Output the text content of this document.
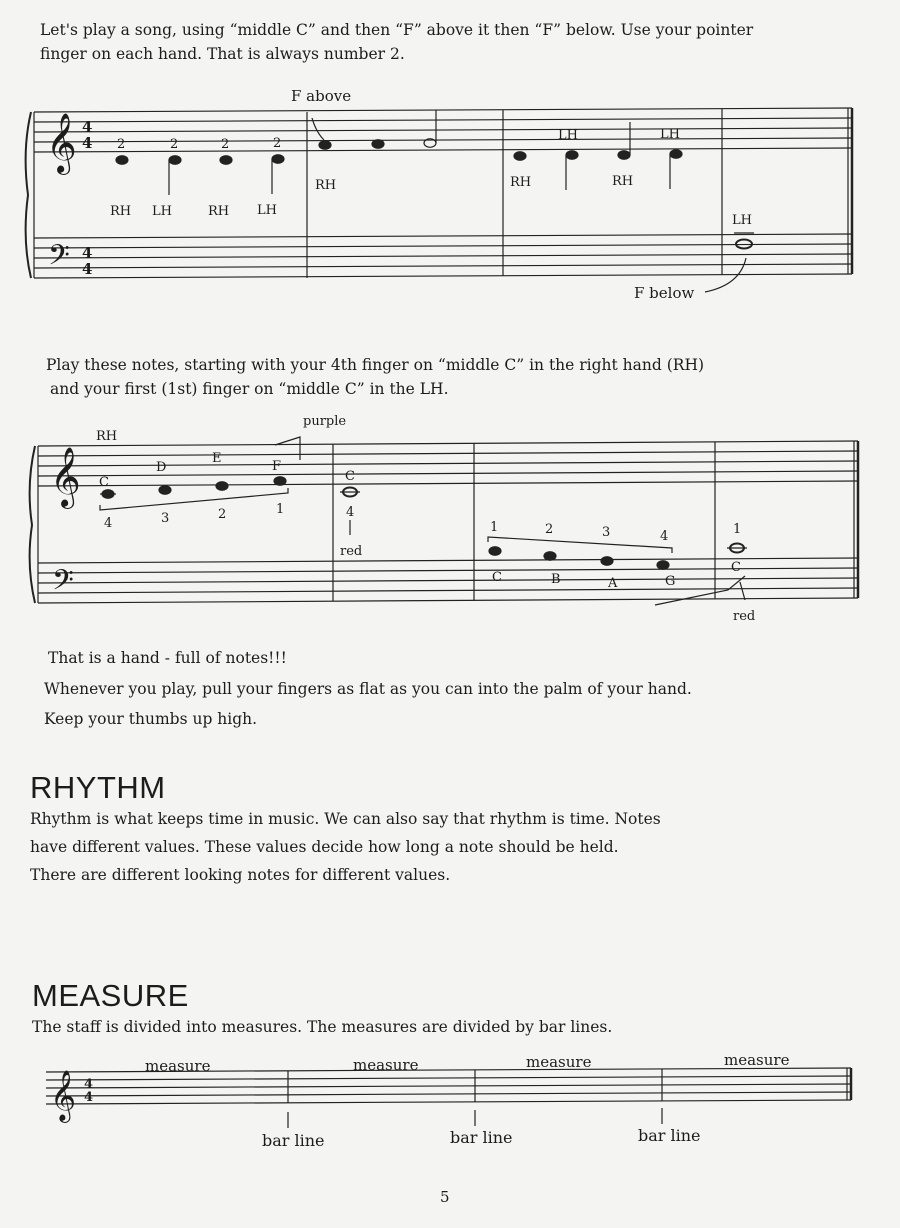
Let's play a song, using “middle C” and then “F” above it then “F” below. Use your pointer
finger on each hand. That is always number 2.
𝄞
𝄢
4
4
4
4
2	2	2	2
RH LH	RH LH
F above
RH	RH
LH
RH
LH
LH
F below
Play these notes, starting with your 4th finger on “middle C” in the right hand (RH)
and your first (1st) finger on “middle C” in the LH.
𝄞
𝄢
RH
purple
C
D
E
F
4	3	2	1
C
4
red
1	2	3	4
C	B	A	G
1
C
red
That is a hand - full of notes!!!
Whenever you play, pull your fingers as flat as you can into the palm of your hand.
Keep your thumbs up high.
RHYTHM
Rhythm is what keeps time in music. We can also say that rhythm is time. Notes
have different values. These values decide how long a note should be held.
There are different looking notes for different values.
MEASURE
The staff is divided into measures. The measures are divided by bar lines.
𝄞 4
4
measure	measure	measure	measure
bar line	bar line	bar line
5
